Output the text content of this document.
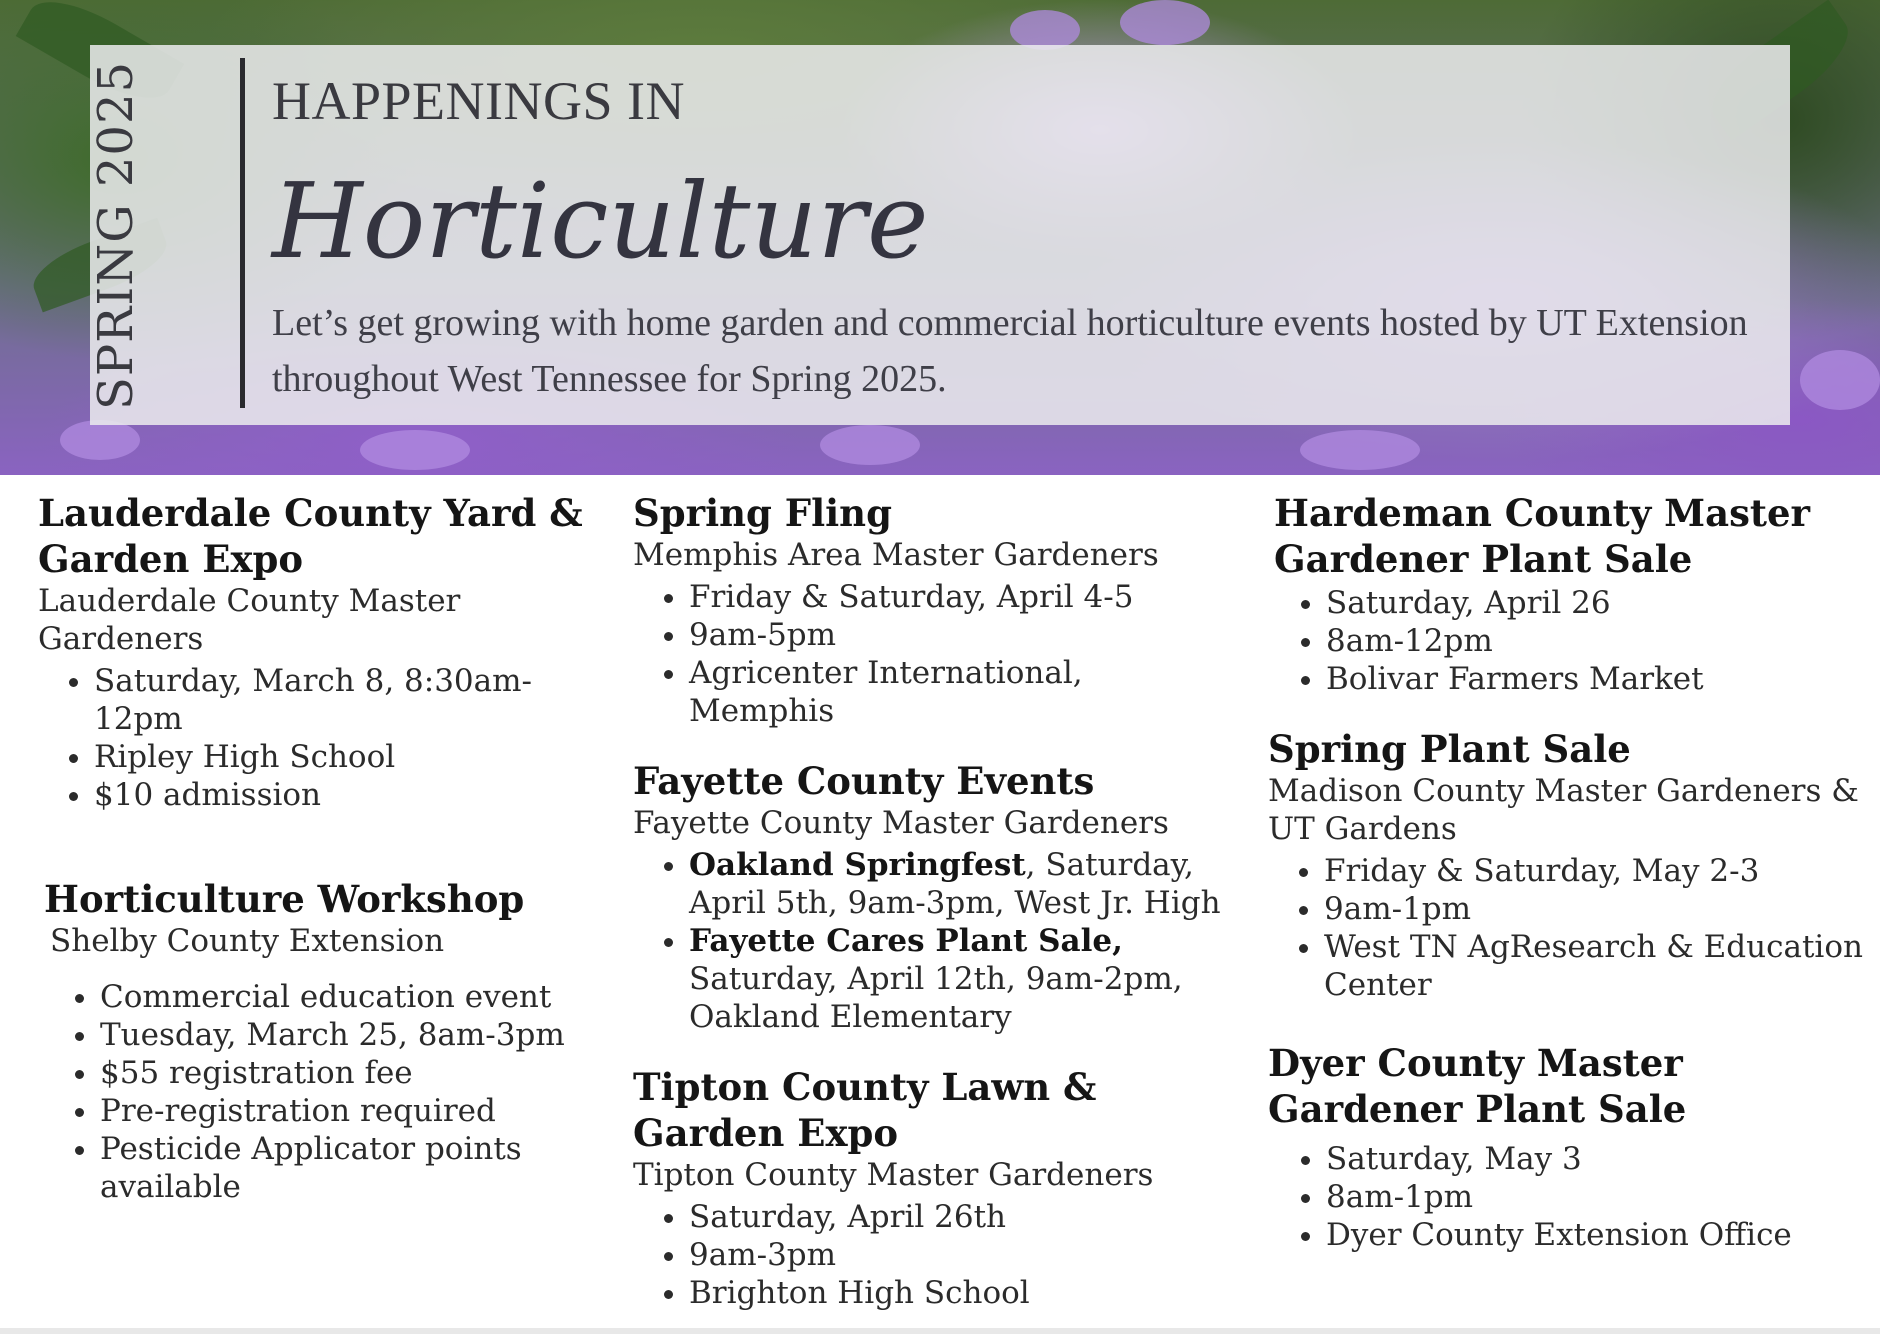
SPRING 2025 HAPPENINGS IN
Horticulture
Let’s get growing with home garden and commercial horticulture events hosted by UT Extension throughout West Tennessee for Spring 2025.
Lauderdale County Yard & Garden Expo
Lauderdale County Master Gardeners
• Saturday, March 8, 8:30am-12pm
• Ripley High School
• $10 admission
Horticulture Workshop
Shelby County Extension
• Commercial education event
• Tuesday, March 25, 8am-3pm
• $55 registration fee
• Pre-registration required
• Pesticide Applicator points available
Spring Fling
Memphis Area Master Gardeners
• Friday & Saturday, April 4-5
• 9am-5pm
• Agricenter International, Memphis
Fayette County Events
Fayette County Master Gardeners
• Oakland Springfest, Saturday, April 5th, 9am-3pm, West Jr. High
• Fayette Cares Plant Sale, Saturday, April 12th, 9am-2pm, Oakland Elementary
Tipton County Lawn & Garden Expo
Tipton County Master Gardeners
• Saturday, April 26th
• 9am-3pm
• Brighton High School
Hardeman County Master Gardener Plant Sale
• Saturday, April 26
• 8am-12pm
• Bolivar Farmers Market
Spring Plant Sale
Madison County Master Gardeners & UT Gardens
• Friday & Saturday, May 2-3
• 9am-1pm
• West TN AgResearch & Education Center
Dyer County Master Gardener Plant Sale
• Saturday, May 3
• 8am-1pm
• Dyer County Extension Office
